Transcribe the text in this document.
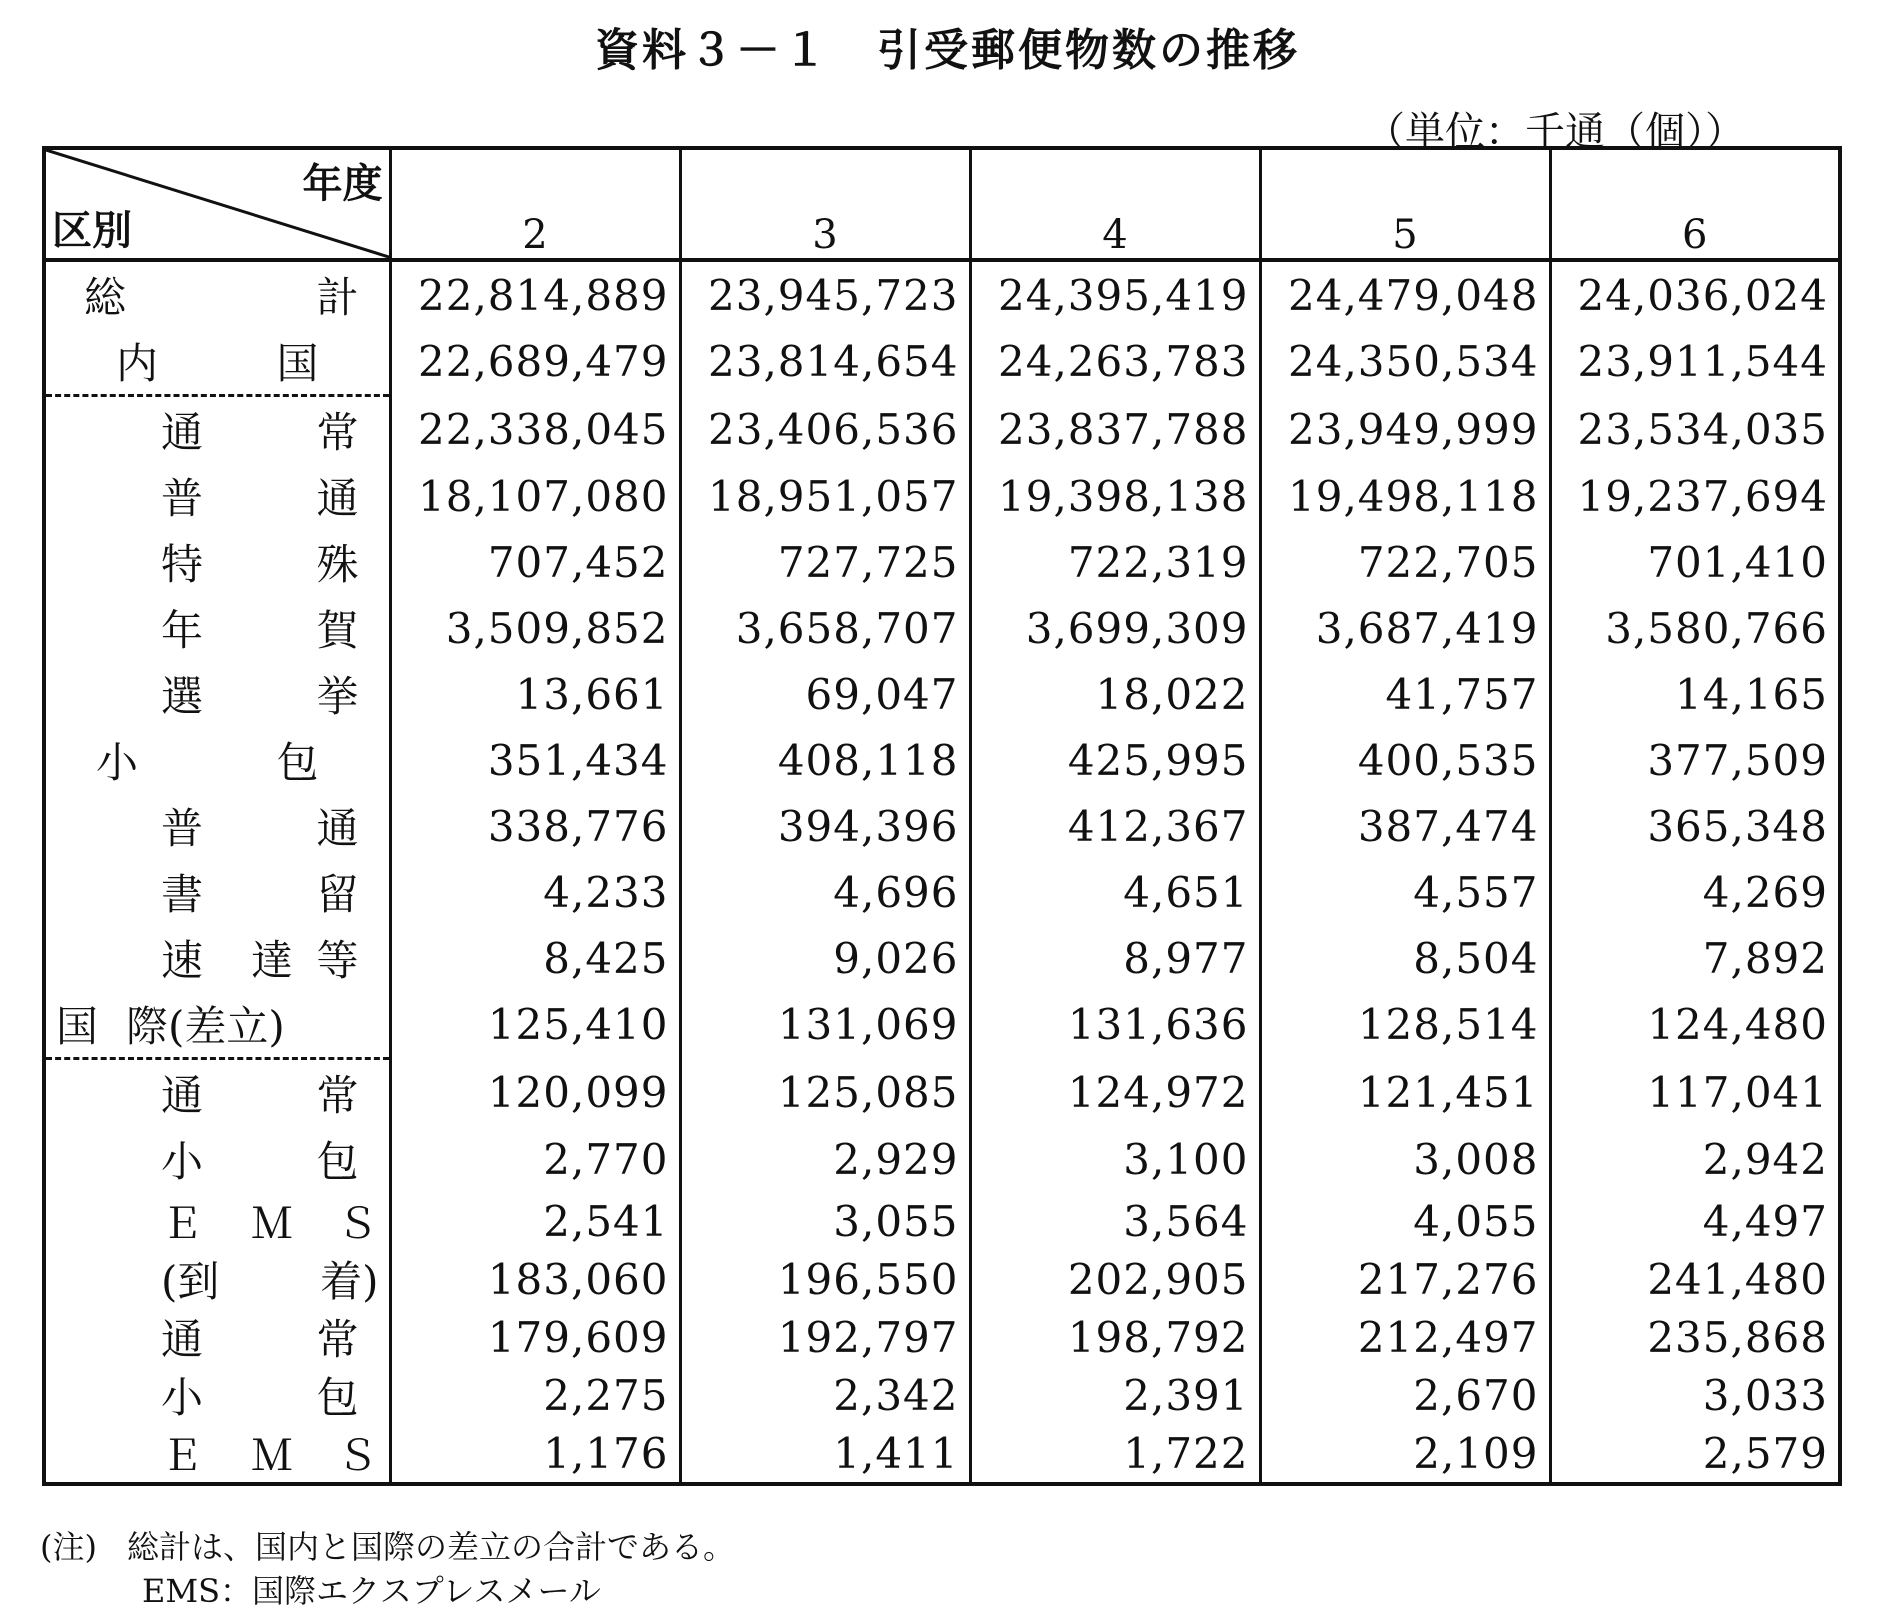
資料３－１　引受郵便物数の推移
（単位：千通（個））
年度
区別	2	3	4	5	6

総 計	22,814,889	23,945,723	24,395,419	24,479,048	24,036,024

内 国	22,689,479	23,814,654	24,263,783	24,350,534	23,911,544

通 常	22,338,045	23,406,536	23,837,788	23,949,999	23,534,035

普 通	18,107,080	18,951,057	19,398,138	19,498,118	19,237,694

特 殊	707,452	727,725	722,319	722,705	701,410

年 賀	3,509,852	3,658,707	3,699,309	3,687,419	3,580,766

選 挙	13,661	69,047	18,022	41,757	14,165

小 包	351,434	408,118	425,995	400,535	377,509

普 通	338,776	394,396	412,367	387,474	365,348

書 留	4,233	4,696	4,651	4,557	4,269

速 達 等	8,425	9,026	8,977	8,504	7,892

国 際(差立)	125,410	131,069	131,636	128,514	124,480

通 常	120,099	125,085	124,972	121,451	117,041

小 包	2,770	2,929	3,100	3,008	2,942

Ｅ Ｍ Ｓ	2,541	3,055	3,564	4,055	4,497

(到 着)	183,060	196,550	202,905	217,276	241,480

通 常	179,609	192,797	198,792	212,497	235,868

小 包	2,275	2,342	2,391	2,670	3,033

Ｅ Ｍ Ｓ	1,176	1,411	1,722	2,109	2,579
(注) 総計は、国内と国際の差立の合計である。
EMS：国際エクスプレスメール
